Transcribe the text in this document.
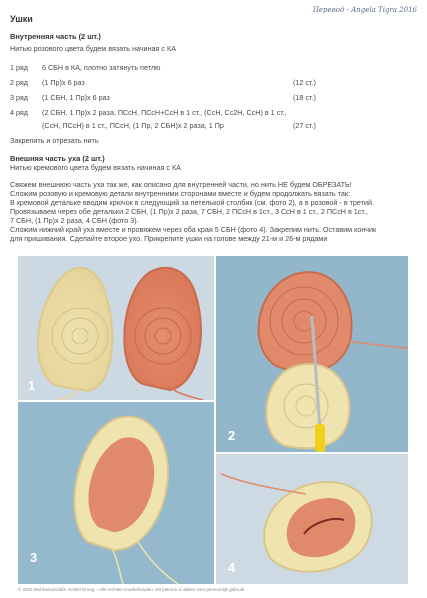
Перевод - Angela Tigra 2016
Ушки
Внутренняя часть (2 шт.)
Нитью розового цвета будем вязать начиная с КА
1 ряд 6 СБН в КА, плотно затянуть петлю
2 ряд (1 Пр)х 6 раз	(12 ст.)
3 ряд (1 СБН, 1 Пр)х 6 раз	(18 ст.)
4 ряд (2 СБН, 1 Пр)х 2 раза, ПСсН, ПСсН+СсН в 1 ст., (СсН, Сс2Н, СсН) в 1 ст.,
(СсН, ПСсН) в 1 ст., ПСсН, (1 Пр, 2 СБН)х 2 раза, 1 Пр	(27 ст.)
Закрепить и отрезать нить
Внешняя часть уха (2 шт.)
Нитью кремового цвета будем вязать начиная с КА
Свяжем внешнюю часть уха так же, как описано для внутренней части, но нить НЕ будем ОБРЕЗАТЬ!
Сложим розовую и кремовую детали внутренними сторонами вместе и будем продолжать вязать так:
В кремовой детальке вводим крючок в следующий за петелькой столбик (см. фото 2), а в розовой - в третий.
Провязываем через обе детальки 2 СБН, (1 Пр)х 2 раза, 7 СБН, 2 ПСсН в 1ст., 3 СсН в 1 ст., 2 ПСсН в 1ст.,
7 СБН, (1 Пр)х 2 раза, 4 СБН (фото 3).
Сложим нижний край уха вместе и провяжем через оба края 5 СБН (фото 4). Закрепим нить. Оставим кончик
для пришивания. Сделайте второе ухо. Прикрепите ушки на голове между 21-м и 26-м рядами
1
2
3
4
© 2016 MohhamaCrafts. Kristel Droog – Alle rechten voorbehouden. Dit patroon is alleen voor persoonlijk gebruik.
